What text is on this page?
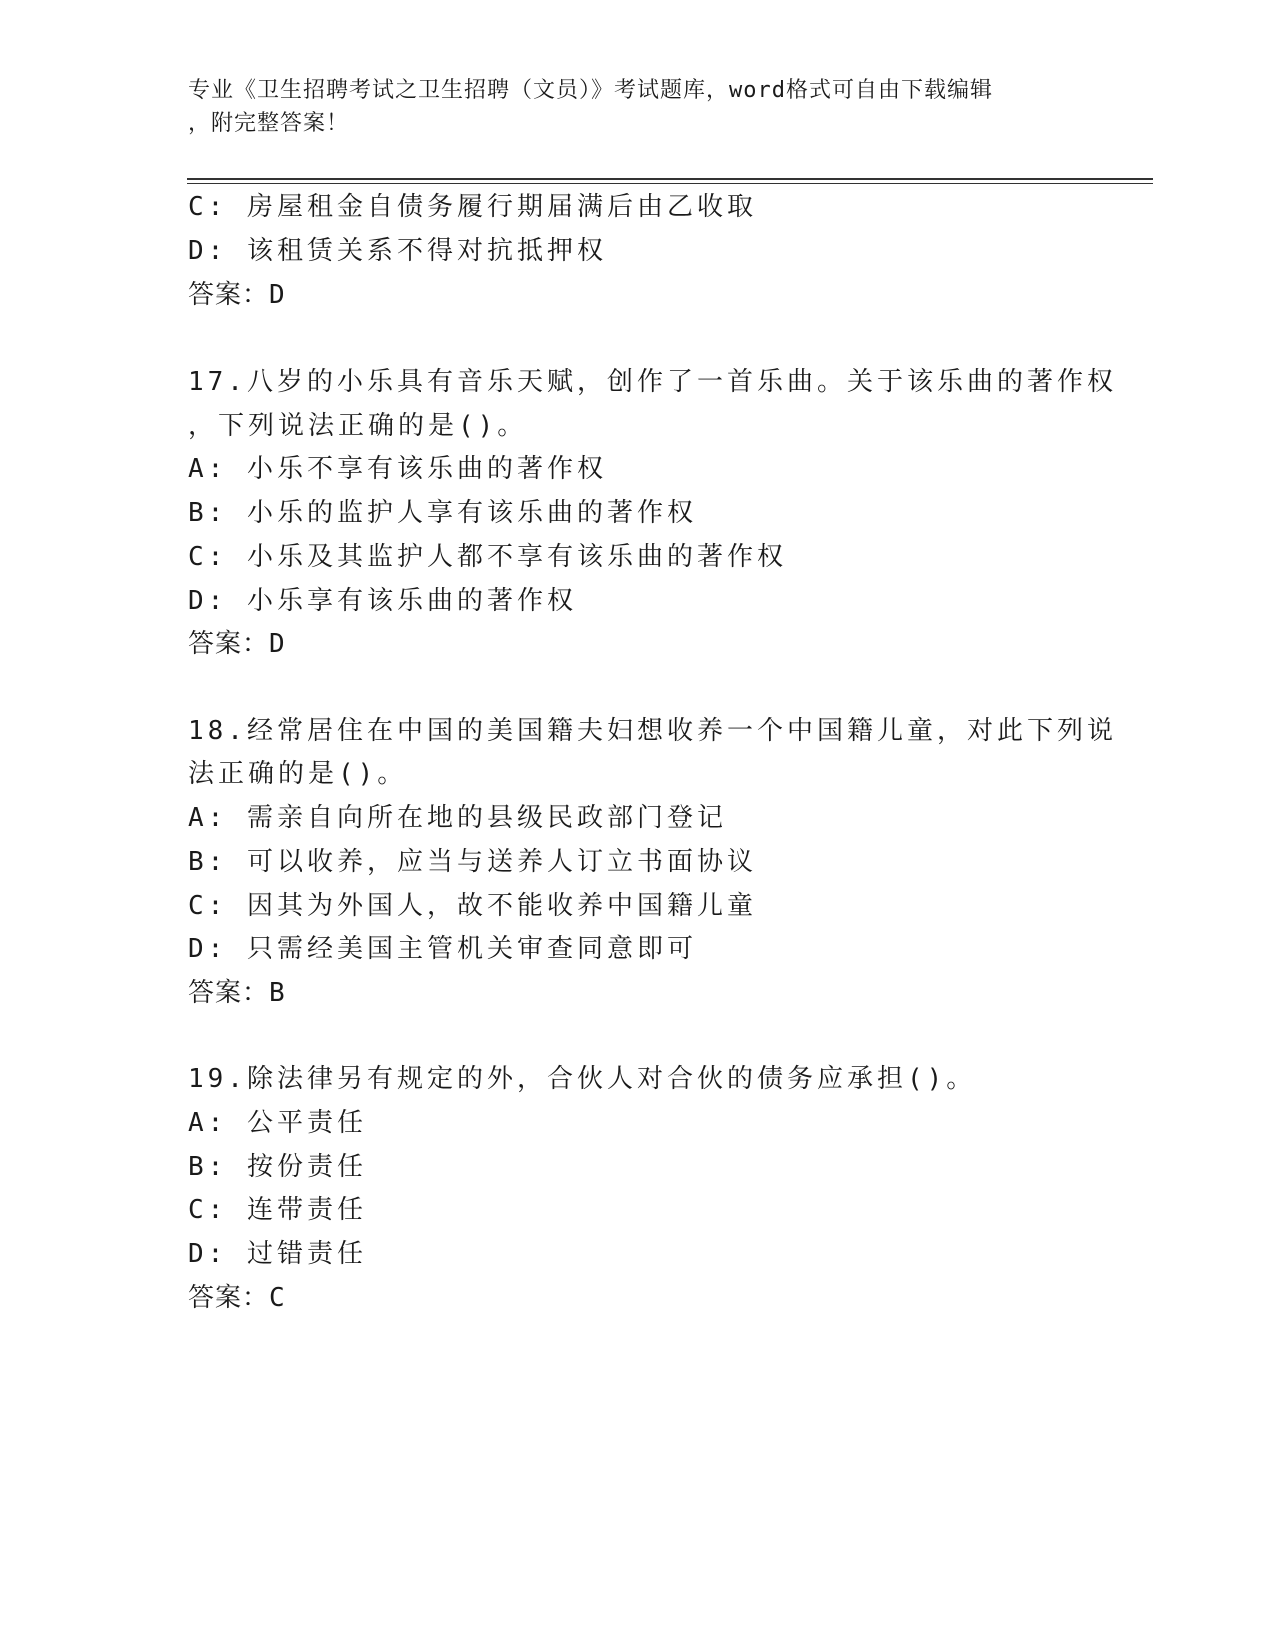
专业《卫生招聘考试之卫生招聘（文员）》考试题库，word格式可自由下载编辑
，附完整答案！
C: 房屋租金自债务履行期届满后由乙收取
D: 该租赁关系不得对抗抵押权
答案：D
17.八岁的小乐具有音乐天赋，创作了一首乐曲。关于该乐曲的著作权
，下列说法正确的是()。
A: 小乐不享有该乐曲的著作权
B: 小乐的监护人享有该乐曲的著作权
C: 小乐及其监护人都不享有该乐曲的著作权
D: 小乐享有该乐曲的著作权
答案：D
18.经常居住在中国的美国籍夫妇想收养一个中国籍儿童，对此下列说
法正确的是()。
A: 需亲自向所在地的县级民政部门登记
B: 可以收养，应当与送养人订立书面协议
C: 因其为外国人，故不能收养中国籍儿童
D: 只需经美国主管机关审查同意即可
答案：B
19.除法律另有规定的外，合伙人对合伙的债务应承担()。
A: 公平责任
B: 按份责任
C: 连带责任
D: 过错责任
答案：C
